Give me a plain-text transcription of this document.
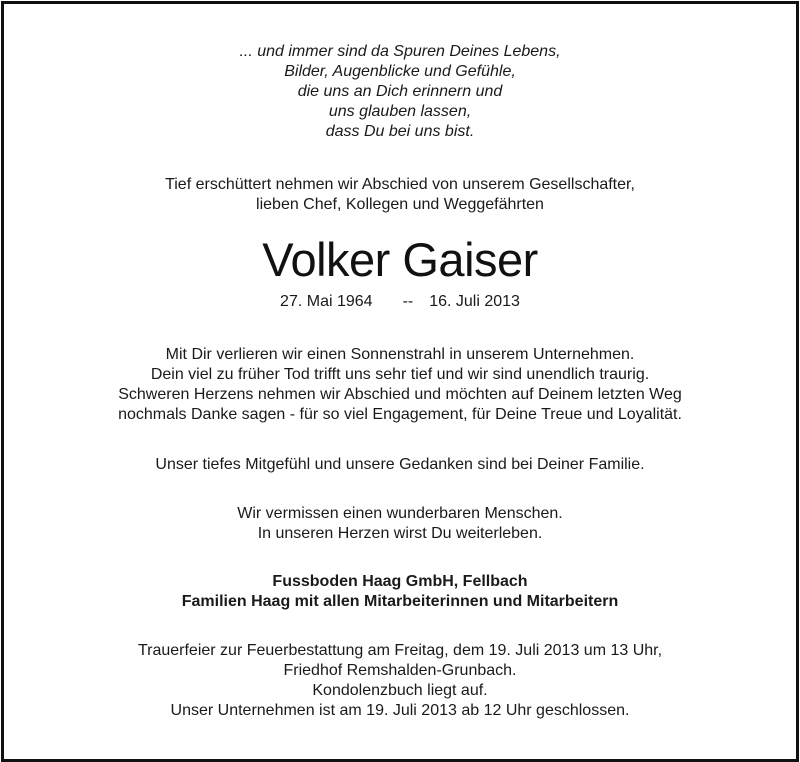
... und immer sind da Spuren Deines Lebens,
Bilder, Augenblicke und Gefühle,
die uns an Dich erinnern und
uns glauben lassen,
dass Du bei uns bist.
Tief erschüttert nehmen wir Abschied von unserem Gesellschafter,
lieben Chef, Kollegen und Weggefährten
Volker Gaiser
27. Mai 1964 -- 16. Juli 2013
Mit Dir verlieren wir einen Sonnenstrahl in unserem Unternehmen.
Dein viel zu früher Tod trifft uns sehr tief und wir sind unendlich traurig.
Schweren Herzens nehmen wir Abschied und möchten auf Deinem letzten Weg
nochmals Danke sagen - für so viel Engagement, für Deine Treue und Loyalität.
Unser tiefes Mitgefühl und unsere Gedanken sind bei Deiner Familie.
Wir vermissen einen wunderbaren Menschen.
In unseren Herzen wirst Du weiterleben.
Fussboden Haag GmbH, Fellbach
Familien Haag mit allen Mitarbeiterinnen und Mitarbeitern
Trauerfeier zur Feuerbestattung am Freitag, dem 19. Juli 2013 um 13 Uhr,
Friedhof Remshalden-Grunbach.
Kondolenzbuch liegt auf.
Unser Unternehmen ist am 19. Juli 2013 ab 12 Uhr geschlossen.
